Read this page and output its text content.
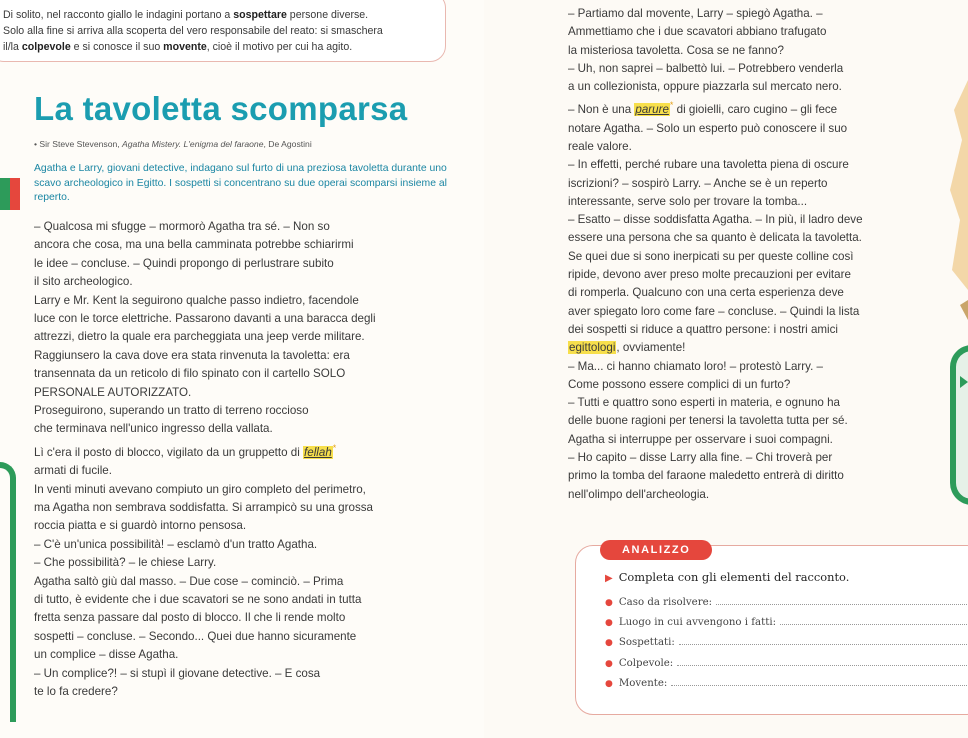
Di solito, nel racconto giallo le indagini portano a sospettare persone diverse.

Solo alla fine si arriva alla scoperta del vero responsabile del reato: si smaschera

il/la colpevole e si conosce il suo movente, cioè il motivo per cui ha agito.

La tavoletta scomparsa
• Sir Steve Stevenson, Agatha Mistery. L'enigma del faraone, De Agostini

Agatha e Larry, giovani detective, indagano sul furto di una preziosa tavoletta durante uno scavo archeologico in Egitto. I sospetti si concentrano su due operai scomparsi insieme al reperto.

– Qualcosa mi sfugge – mormorò Agatha tra sé. – Non so

ancora che cosa, ma una bella camminata potrebbe schiarirmi

le idee – concluse. – Quindi propongo di perlustrare subito

il sito archeologico.

Larry e Mr. Kent la seguirono qualche passo indietro, facendole

luce con le torce elettriche. Passarono davanti a una baracca degli

attrezzi, dietro la quale era parcheggiata una jeep verde militare.

Raggiunsero la cava dove era stata rinvenuta la tavoletta: era

transennata da un reticolo di filo spinato con il cartello SOLO

PERSONALE AUTORIZZATO.

Proseguirono, superando un tratto di terreno roccioso

che terminava nell'unico ingresso della vallata.

Lì c'era il posto di blocco, vigilato da un gruppetto di fellah*

armati di fucile.

In venti minuti avevano compiuto un giro completo del perimetro,

ma Agatha non sembrava soddisfatta. Si arrampicò su una grossa

roccia piatta e si guardò intorno pensosa.

– C'è un'unica possibilità! – esclamò d'un tratto Agatha.

– Che possibilità? – le chiese Larry.

Agatha saltò giù dal masso. – Due cose – cominciò. – Prima

di tutto, è evidente che i due scavatori se ne sono andati in tutta

fretta senza passare dal posto di blocco. Il che li rende molto

sospetti – concluse. – Secondo... Quei due hanno sicuramente

un complice – disse Agatha.

– Un complice?! – si stupì il giovane detective. – E cosa

te lo fa credere?

– Partiamo dal movente, Larry – spiegò Agatha. –

Ammettiamo che i due scavatori abbiano trafugato

la misteriosa tavoletta. Cosa se ne fanno?

– Uh, non saprei – balbettò lui. – Potrebbero venderla

a un collezionista, oppure piazzarla sul mercato nero.

– Non è una parure* di gioielli, caro cugino – gli fece

notare Agatha. – Solo un esperto può conoscere il suo

reale valore.

– In effetti, perché rubare una tavoletta piena di oscure

iscrizioni? – sospirò Larry. – Anche se è un reperto

interessante, serve solo per trovare la tomba...

– Esatto – disse soddisfatta Agatha. – In più, il ladro deve

essere una persona che sa quanto è delicata la tavoletta.

Se quei due si sono inerpicati su per queste colline così

ripide, devono aver preso molte precauzioni per evitare

di romperla. Qualcuno con una certa esperienza deve

aver spiegato loro come fare – concluse. – Quindi la lista

dei sospetti si riduce a quattro persone: i nostri amici

egittologi, ovviamente!

– Ma... ci hanno chiamato loro! – protestò Larry. –

Come possono essere complici di un furto?

– Tutti e quattro sono esperti in materia, e ognuno ha

delle buone ragioni per tenersi la tavoletta tutta per sé.

Agatha si interruppe per osservare i suoi compagni.

– Ho capito – disse Larry alla fine. – Chi troverà per

primo la tomba del faraone maledetto entrerà di diritto

nell'olimpo dell'archeologia.

ANALIZZO
▶ Completa con gli elementi del racconto.
● Caso da risolvere:
● Luogo in cui avvengono i fatti:
● Sospettati:
● Colpevole:
● Movente:
